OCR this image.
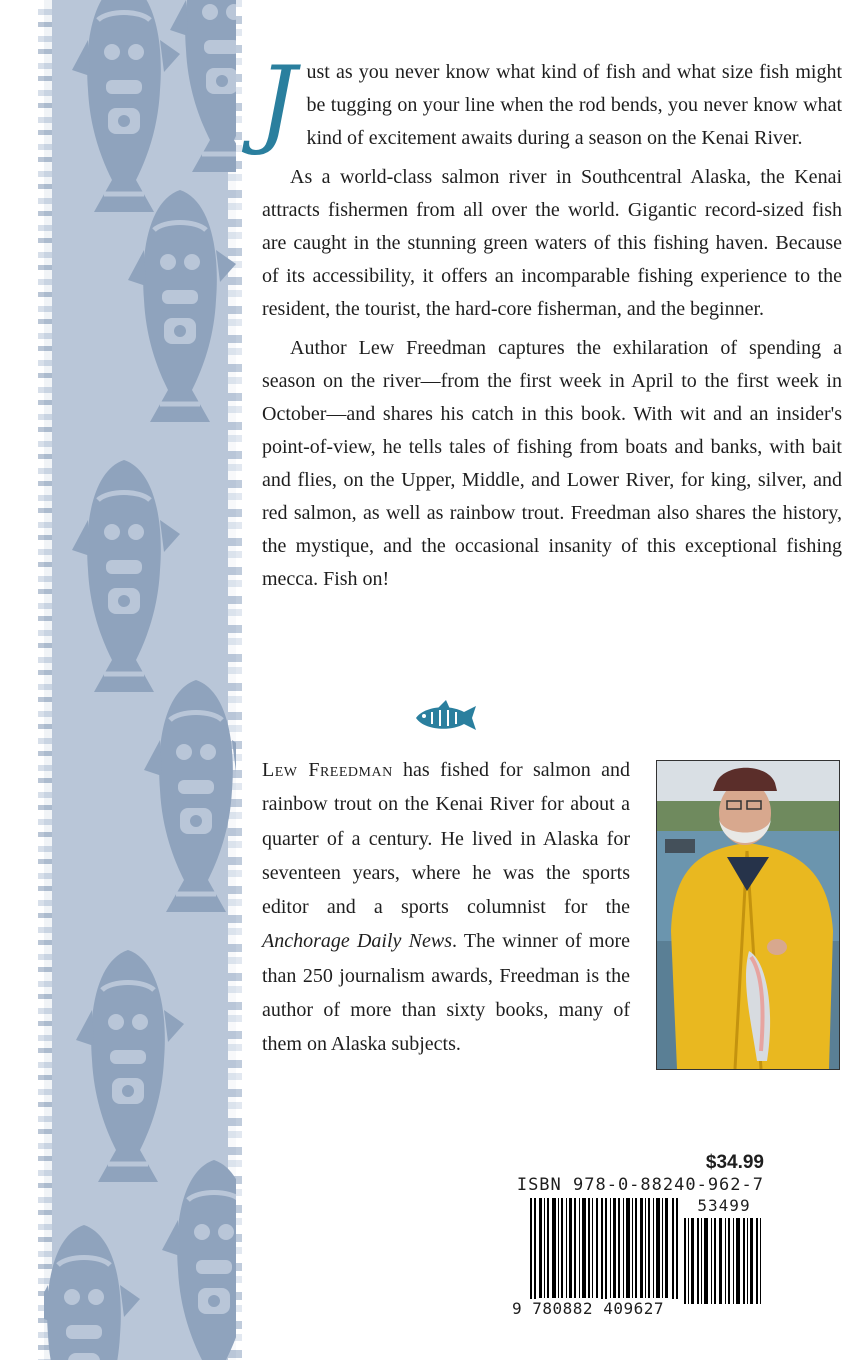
Just as you never know what kind of fish and what size fish might be tugging on your line when the rod bends, you never know what kind of excitement awaits during a season on the Kenai River.

As a world-class salmon river in Southcentral Alaska, the Kenai attracts fishermen from all over the world. Gigantic record-sized fish are caught in the stunning green waters of this fishing haven. Because of its accessibility, it offers an incomparable fishing experience to the resident, the tourist, the hard-core fisherman, and the beginner.

Author Lew Freedman captures the exhilaration of spending a season on the river—from the first week in April to the first week in October—and shares his catch in this book. With wit and an insider's point-of-view, he tells tales of fishing from boats and banks, with bait and flies, on the Upper, Middle, and Lower River, for king, silver, and red salmon, as well as rainbow trout. Freedman also shares the history, the mystique, and the occasional insanity of this exceptional fishing mecca. Fish on!

Lew Freedman has fished for salmon and rainbow trout on the Kenai River for about a quarter of a century. He lived in Alaska for seventeen years, where he was the sports editor and a sports columnist for the Anchorage Daily News. The winner of more than 250 journalism awards, Freedman is the author of more than sixty books, many of them on Alaska subjects.

$34.99
ISBN 978-0-88240-962-7
53499
9 780882 409627
